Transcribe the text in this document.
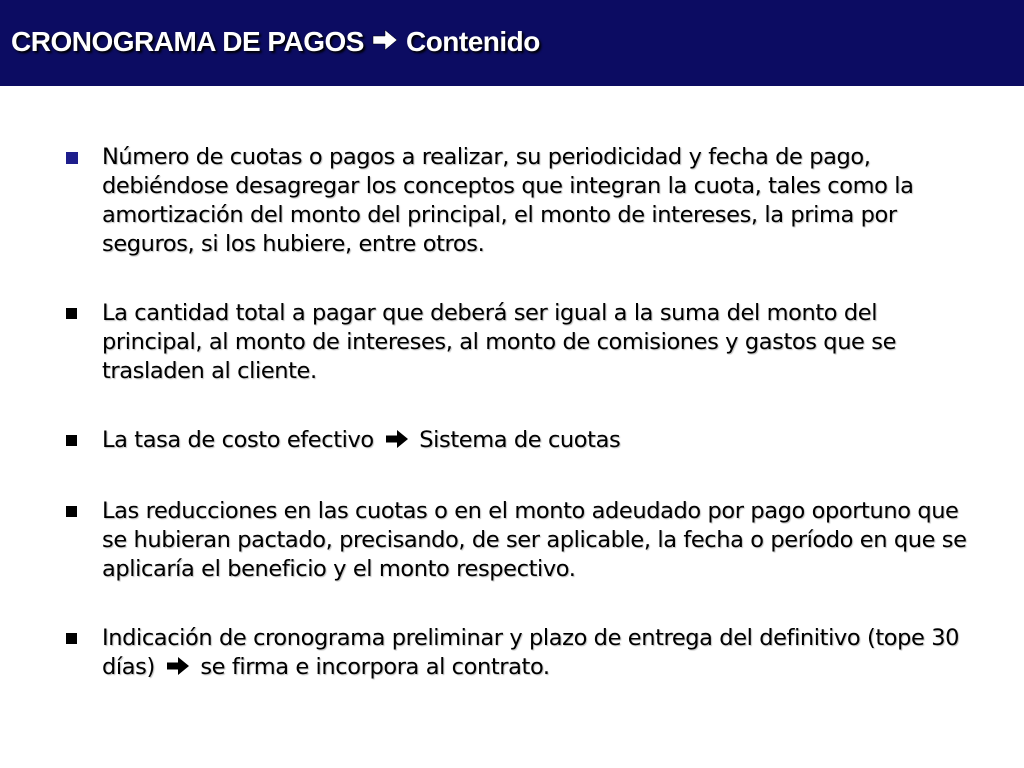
CRONOGRAMA DE PAGOS Contenido
Número de cuotas o pagos a realizar, su periodicidad y fecha de pago, debiéndose desagregar los conceptos que integran la cuota, tales como la amortización del monto del principal, el monto de intereses, la prima por seguros, si los hubiere, entre otros.
La cantidad total a pagar que deberá ser igual a la suma del monto del principal, al monto de intereses, al monto de comisiones y gastos que se trasladen al cliente.
La tasa de costo efectivo Sistema de cuotas
Las reducciones en las cuotas o en el monto adeudado por pago oportuno que se hubieran pactado, precisando, de ser aplicable, la fecha o período en que se aplicaría el beneficio y el monto respectivo.
Indicación de cronograma preliminar y plazo de entrega del definitivo (tope 30 días) se firma e incorpora al contrato.
